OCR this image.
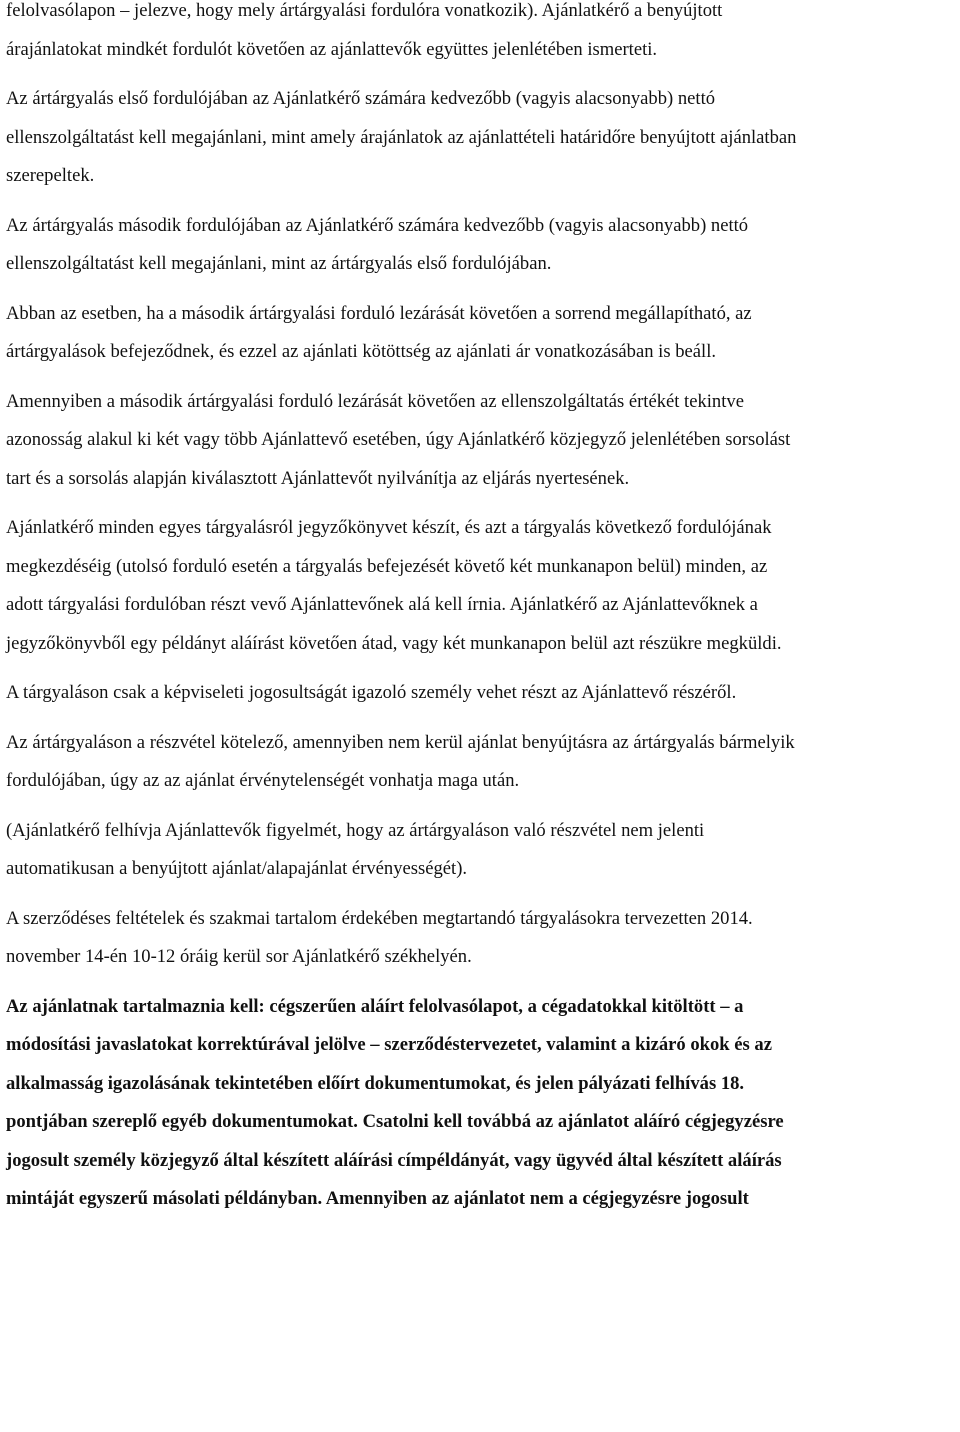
felolvasólapon – jelezve, hogy mely ártárgyalási fordulóra vonatkozik). Ajánlatkérő a benyújtott
árajánlatokat mindkét fordulót követően az ajánlattevők együttes jelenlétében ismerteti.

Az ártárgyalás első fordulójában az Ajánlatkérő számára kedvezőbb (vagyis alacsonyabb) nettó
ellenszolgáltatást kell megajánlani, mint amely árajánlatok az ajánlattételi határidőre benyújtott ajánlatban
szerepeltek.

Az ártárgyalás második fordulójában az Ajánlatkérő számára kedvezőbb (vagyis alacsonyabb) nettó
ellenszolgáltatást kell megajánlani, mint az ártárgyalás első fordulójában.

Abban az esetben, ha a második ártárgyalási forduló lezárását követően a sorrend megállapítható, az
ártárgyalások befejeződnek, és ezzel az ajánlati kötöttség az ajánlati ár vonatkozásában is beáll.

Amennyiben a második ártárgyalási forduló lezárását követően az ellenszolgáltatás értékét tekintve
azonosság alakul ki két vagy több Ajánlattevő esetében, úgy Ajánlatkérő közjegyző jelenlétében sorsolást
tart és a sorsolás alapján kiválasztott Ajánlattevőt nyilvánítja az eljárás nyertesének.

Ajánlatkérő minden egyes tárgyalásról jegyzőkönyvet készít, és azt a tárgyalás következő fordulójának
megkezdéséig (utolsó forduló esetén a tárgyalás befejezését követő két munkanapon belül) minden, az
adott tárgyalási fordulóban részt vevő Ajánlattevőnek alá kell írnia. Ajánlatkérő az Ajánlattevőknek a
jegyzőkönyvből egy példányt aláírást követően átad, vagy két munkanapon belül azt részükre megküldi.

A tárgyaláson csak a képviseleti jogosultságát igazoló személy vehet részt az Ajánlattevő részéről.

Az ártárgyaláson a részvétel kötelező, amennyiben nem kerül ajánlat benyújtásra az ártárgyalás bármelyik
fordulójában, úgy az az ajánlat érvénytelenségét vonhatja maga után.

(Ajánlatkérő felhívja Ajánlattevők figyelmét, hogy az ártárgyaláson való részvétel nem jelenti
automatikusan a benyújtott ajánlat/alapajánlat érvényességét).

A szerződéses feltételek és szakmai tartalom érdekében megtartandó tárgyalásokra tervezetten 2014.
november 14-én 10-12 óráig kerül sor Ajánlatkérő székhelyén.

Az ajánlatnak tartalmaznia kell: cégszerűen aláírt felolvasólapot, a cégadatokkal kitöltött – a
módosítási javaslatokat korrektúrával jelölve – szerződéstervezetet, valamint a kizáró okok és az
alkalmasság igazolásának tekintetében előírt dokumentumokat, és jelen pályázati felhívás 18.
pontjában szereplő egyéb dokumentumokat. Csatolni kell továbbá az ajánlatot aláíró cégjegyzésre
jogosult személy közjegyző által készített aláírási címpéldányát, vagy ügyvéd által készített aláírás
mintáját egyszerű másolati példányban. Amennyiben az ajánlatot nem a cégjegyzésre jogosult
